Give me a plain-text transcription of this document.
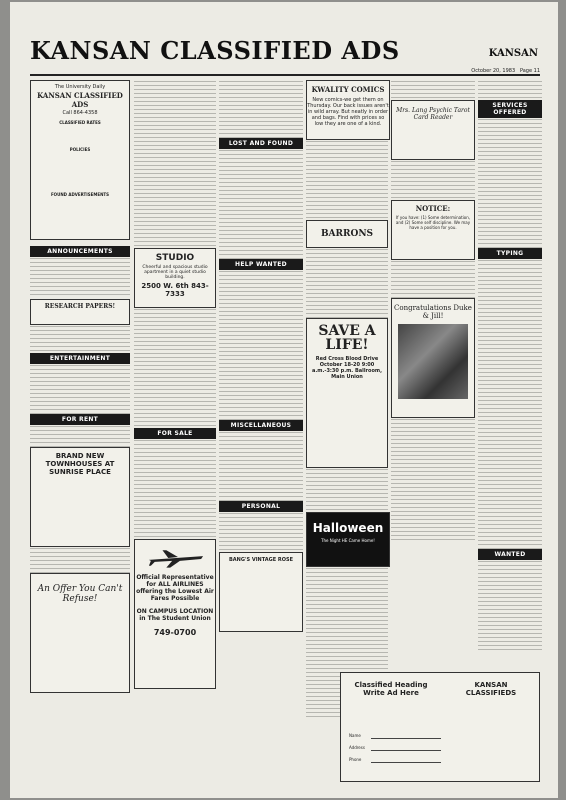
KANSAN CLASSIFIED ADS	KANSAN
October 20, 1983 Page 11
The University Daily
KANSAN CLASSIFIED ADS
Call 864-4358
CLASSIFIED RATES
POLICIES
FOUND ADVERTISEMENTS
ANNOUNCEMENTS
RESEARCH PAPERS!
ENTERTAINMENT
FOR RENT
BRAND NEW TOWNHOUSES AT SUNRISE PLACE
An Offer You Can't Refuse!
STUDIO
Cheerful and spacious studio apartment in a quiet studio building.
2500 W. 6th 843-7333
FOR SALE
Official Representative for ALL AIRLINES offering the Lowest Air Fares Possible
ON CAMPUS LOCATION in The Student Union
749-0700
LOST AND FOUND
HELP WANTED
MISCELLANEOUS
PERSONAL
BANG'S VINTAGE ROSE
KWALITY COMICS
New comics-we get them on Thursday. Our back issues aren't in wild array. But neatly in order and bags. Find with prices so low they are one of a kind.
BARRONS
SAVE A LIFE!
Red Cross Blood Drive October 18-20 9:00 a.m.-3:30 p.m. Ballroom, Main Union
Halloween
The Night HE Came Home!
Mrs. Lang Psychic Tarot Card Reader
NOTICE:
If you have: (1) Some determination, and (2) Some self discipline. We may have a position for you.
Congratulations Duke & Jill!
SERVICES OFFERED
TYPING
WANTED
Classified Heading Write Ad Here
KANSAN CLASSIFIEDS
Name
Address
Phone
